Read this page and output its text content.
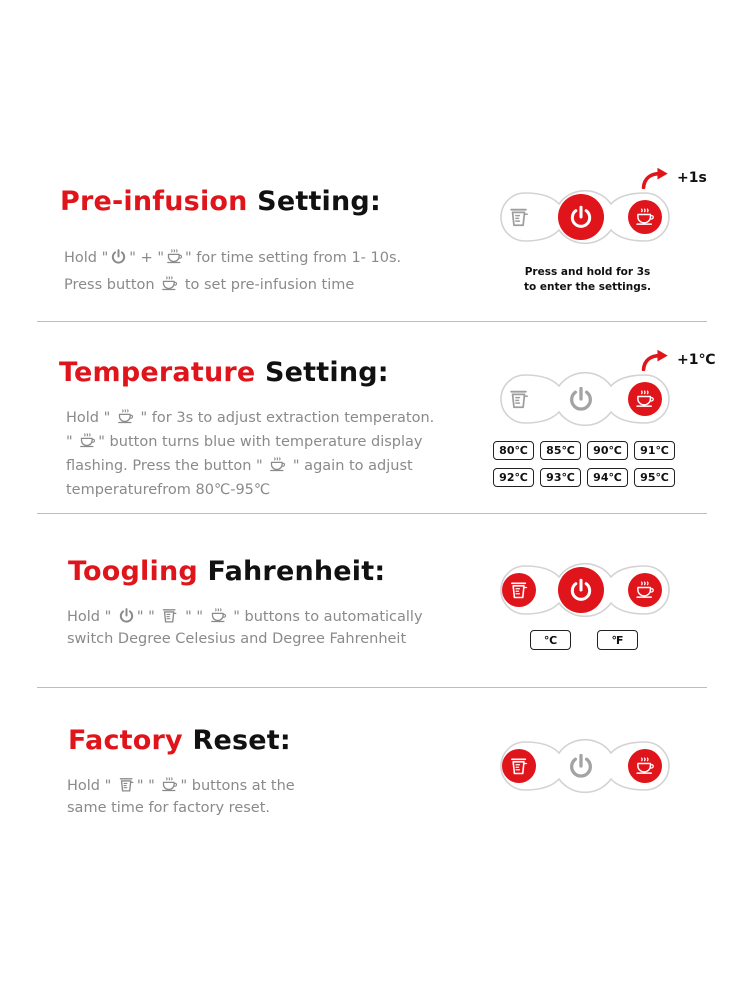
Pre-infusion Setting:
Hold " " + " " for time setting from 1- 10s.
Press button  to set pre-infusion time
+1s
Press and hold for 3s
to enter the settings.
Temperature Setting:
Hold "  " for 3s to adjust extraction temperaton.
" " button turns blue with temperature display
flashing. Press the button "  " again to adjust
temperaturefrom 80℃-95℃
+1℃
80℃	85℃	90℃	91℃
92℃	93℃	94℃	95℃
Toogling Fahrenheit:
Hold " " "  " "  " buttons to automatically
switch Degree Celesius and Degree Fahrenheit	℃	℉
Factory Reset:
Hold " " " " buttons at the
same time for factory reset.
